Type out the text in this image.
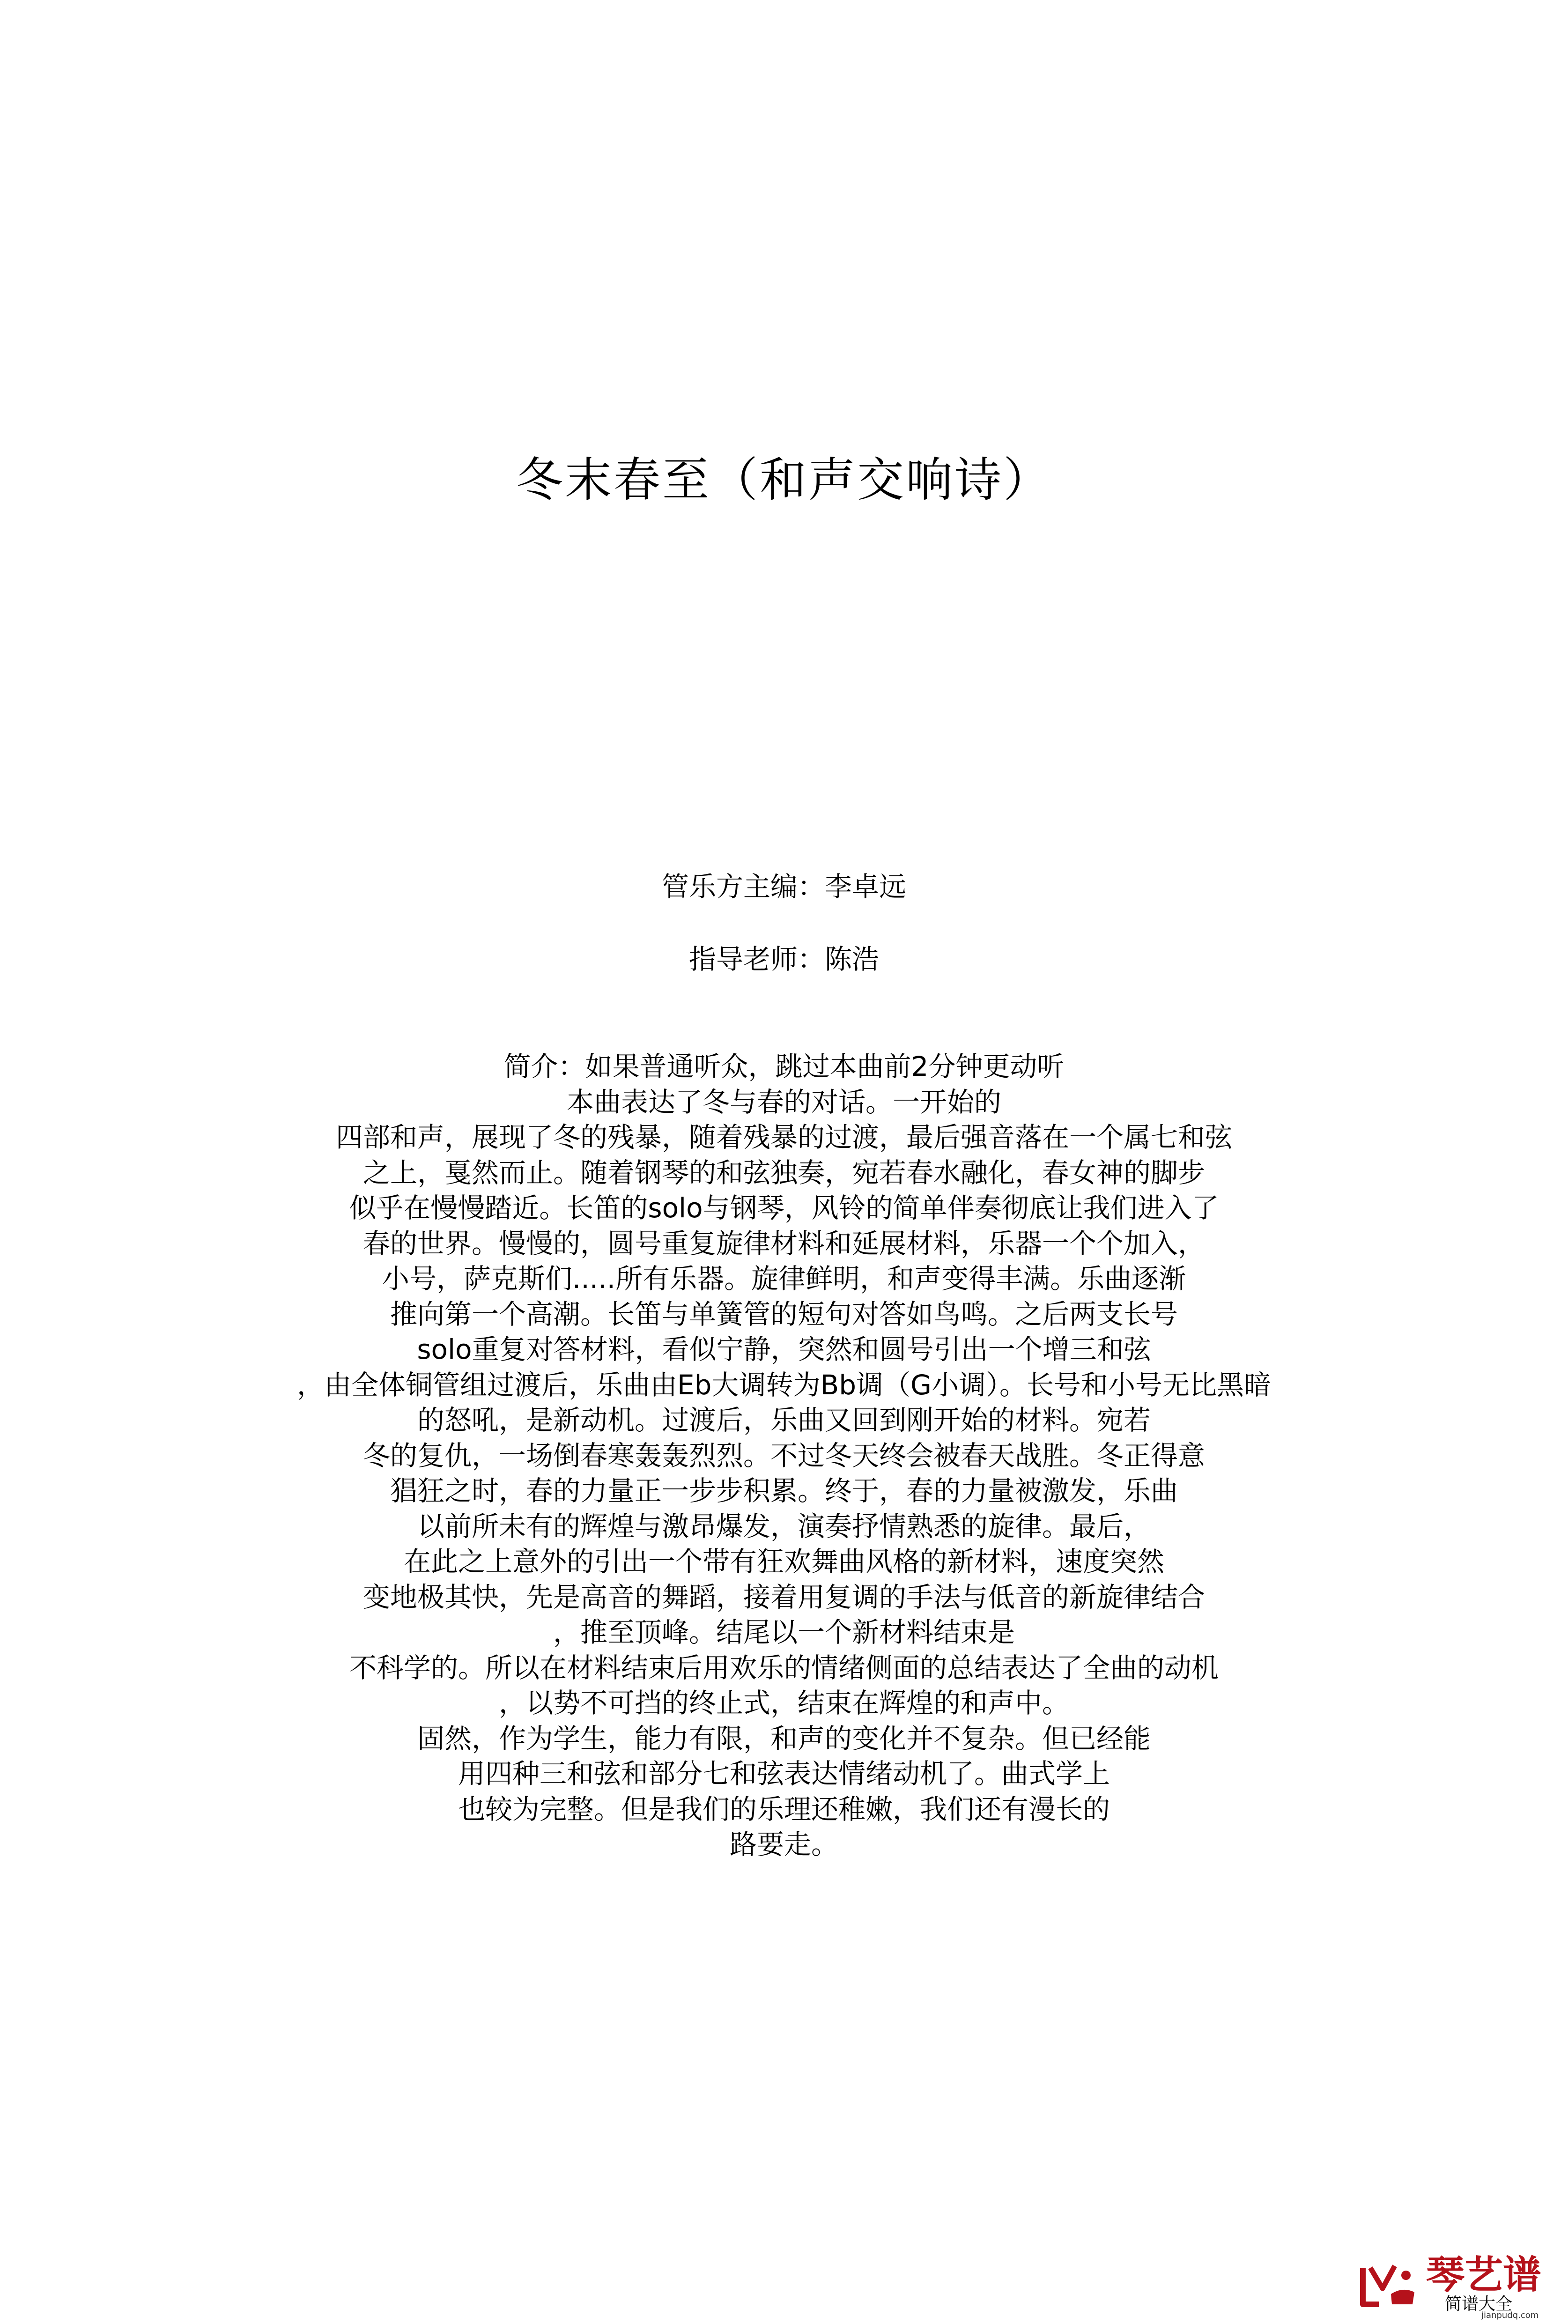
冬末春至（和声交响诗）
管乐方主编：李卓远
指导老师：陈浩
简介：如果普通听众，跳过本曲前2分钟更动听
本曲表达了冬与春的对话。一开始的
四部和声，展现了冬的残暴，随着残暴的过渡，最后强音落在一个属七和弦
之上，戛然而止。随着钢琴的和弦独奏，宛若春水融化，春女神的脚步
似乎在慢慢踏近。长笛的solo与钢琴，风铃的简单伴奏彻底让我们进入了
春的世界。慢慢的，圆号重复旋律材料和延展材料，乐器一个个加入，
小号，萨克斯们.....所有乐器。旋律鲜明，和声变得丰满。乐曲逐渐
推向第一个高潮。长笛与单簧管的短句对答如鸟鸣。之后两支长号
solo重复对答材料，看似宁静，突然和圆号引出一个增三和弦
，由全体铜管组过渡后，乐曲由Eb大调转为Bb调（G小调）。长号和小号无比黑暗
的怒吼，是新动机。过渡后，乐曲又回到刚开始的材料。宛若
冬的复仇，一场倒春寒轰轰烈烈。不过冬天终会被春天战胜。冬正得意
猖狂之时，春的力量正一步步积累。终于，春的力量被激发，乐曲
以前所未有的辉煌与激昂爆发，演奏抒情熟悉的旋律。最后，
在此之上意外的引出一个带有狂欢舞曲风格的新材料，速度突然
变地极其快，先是高音的舞蹈，接着用复调的手法与低音的新旋律结合
，推至顶峰。结尾以一个新材料结束是
不科学的。所以在材料结束后用欢乐的情绪侧面的总结表达了全曲的动机
，以势不可挡的终止式，结束在辉煌的和声中。
固然，作为学生，能力有限，和声的变化并不复杂。但已经能
用四种三和弦和部分七和弦表达情绪动机了。曲式学上
也较为完整。但是我们的乐理还稚嫩，我们还有漫长的
路要走。
琴艺谱
简谱大全
jianpudq.com
